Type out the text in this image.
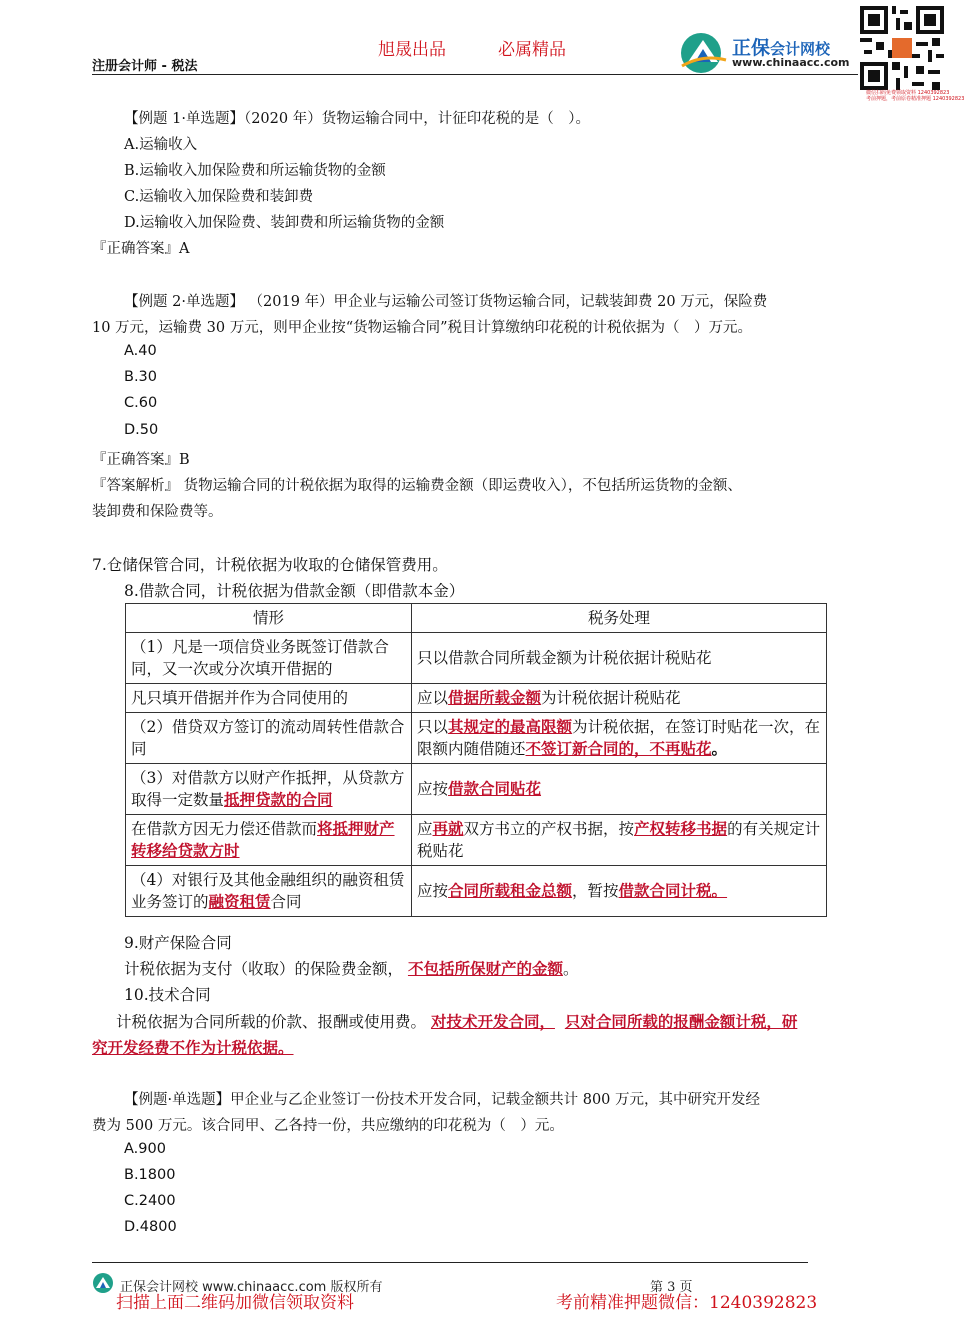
注册会计师 - 税法
旭晟出品	必属精品	正保会计网校
www.chinaacc.com
微信扫码免费领取资料 1240392823
考前押题，考前原卷精准押题 1240392823
【例题 1·单选题】（2020 年）货物运输合同中，计征印花税的是（　）。
A.运输收入
B.运输收入加保险费和所运输货物的金额
C.运输收入加保险费和装卸费
D.运输收入加保险费、装卸费和所运输货物的金额
『正确答案』A
【例题 2·单选题】 （2019 年）甲企业与运输公司签订货物运输合同，记载装卸费 20 万元，保险费
10 万元，运输费 30 万元，则甲企业按“货物运输合同”税目计算缴纳印花税的计税依据为（　）万元。
A.40
B.30
C.60
D.50
『正确答案』B
『答案解析』 货物运输合同的计税依据为取得的运输费金额（即运费收入），不包括所运货物的金额、
装卸费和保险费等。
7.仓储保管合同，计税依据为收取的仓储保管费用。
8.借款合同，计税依据为借款金额（即借款本金）
情形	税务处理
（1）凡是一项信贷业务既签订借款合同，又一次或分次填开借据的	只以借款合同所载金额为计税依据计税贴花
凡只填开借据并作为合同使用的	应以借据所载金额为计税依据计税贴花
（2）借贷双方签订的流动周转性借款合同	只以其规定的最高限额为计税依据，在签订时贴花一次，在限额内随借随还不签订新合同的，不再贴花。
（3）对借款方以财产作抵押，从贷款方取得一定数量抵押贷款的合同	应按借款合同贴花
在借款方因无力偿还借款而将抵押财产转移给贷款方时	应再就双方书立的产权书据，按产权转移书据的有关规定计税贴花
（4）对银行及其他金融组织的融资租赁业务签订的融资租赁合同	应按合同所载租金总额，暂按借款合同计税。
9.财产保险合同
计税依据为支付（收取）的保险费金额， 不包括所保财产的金额。
10.技术合同
计税依据为合同所载的价款、报酬或使用费。 对技术开发合同， 只对合同所载的报酬金额计税，研
究开发经费不作为计税依据。
【例题·单选题】甲企业与乙企业签订一份技术开发合同，记载金额共计 800 万元，其中研究开发经
费为 500 万元。该合同甲、乙各持一份，共应缴纳的印花税为（　）元。
A.900
B.1800
C.2400
D.4800
正保会计网校 www.chinaacc.com 版权所有	第 3 页
扫描上面二维码加微信领取资料	考前精准押题微信：1240392823
